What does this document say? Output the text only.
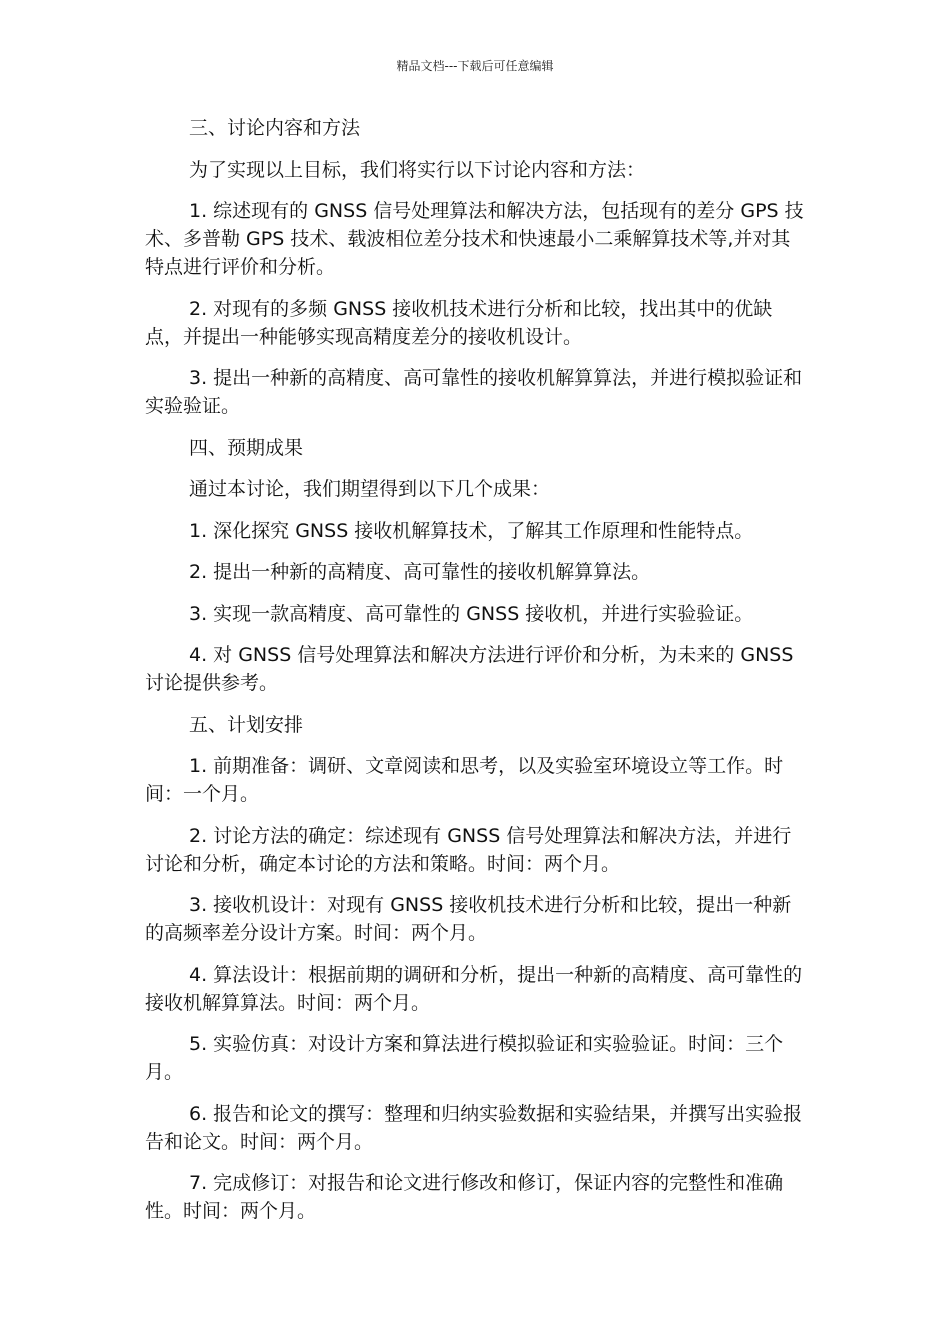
精品文档---下载后可任意编辑

三、讨论内容和方法

为了实现以上目标，我们将实行以下讨论内容和方法：

1. 综述现有的 GNSS 信号处理算法和解决方法，包括现有的差分 GPS 技术、多普勒 GPS 技术、载波相位差分技术和快速最小二乘解算技术等,并对其特点进行评价和分析。

2. 对现有的多频 GNSS 接收机技术进行分析和比较，找出其中的优缺点，并提出一种能够实现高精度差分的接收机设计。

3. 提出一种新的高精度、高可靠性的接收机解算算法，并进行模拟验证和实验验证。

四、预期成果

通过本讨论，我们期望得到以下几个成果：

1. 深化探究 GNSS 接收机解算技术，了解其工作原理和性能特点。

2. 提出一种新的高精度、高可靠性的接收机解算算法。

3. 实现一款高精度、高可靠性的 GNSS 接收机，并进行实验验证。

4. 对 GNSS 信号处理算法和解决方法进行评价和分析，为未来的 GNSS 讨论提供参考。

五、计划安排

1. 前期准备：调研、文章阅读和思考，以及实验室环境设立等工作。时间：一个月。

2. 讨论方法的确定：综述现有 GNSS 信号处理算法和解决方法，并进行讨论和分析，确定本讨论的方法和策略。时间：两个月。

3. 接收机设计：对现有 GNSS 接收机技术进行分析和比较，提出一种新的高频率差分设计方案。时间：两个月。

4. 算法设计：根据前期的调研和分析，提出一种新的高精度、高可靠性的接收机解算算法。时间：两个月。

5. 实验仿真：对设计方案和算法进行模拟验证和实验验证。时间：三个月。

6. 报告和论文的撰写：整理和归纳实验数据和实验结果，并撰写出实验报告和论文。时间：两个月。

7. 完成修订：对报告和论文进行修改和修订，保证内容的完整性和准确性。时间：两个月。
